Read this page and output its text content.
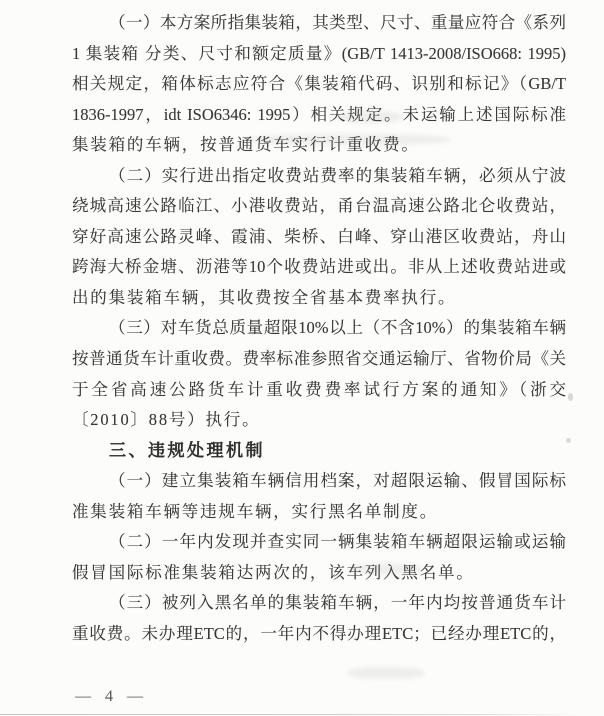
（一）本方案所指集装箱，其类型、尺寸、重量应符合《系列
1 集装箱 分类、尺寸和额定质量》(GB/T 1413-2008/ISO668: 1995)
相关规定，箱体标志应符合《集装箱代码、识别和标记》（GB/T
1836-1997，idt ISO6346: 1995）相关规定。未运输上述国际标准
集装箱的车辆，按普通货车实行计重收费。
（二）实行进出指定收费站费率的集装箱车辆，必须从宁波
绕城高速公路临江、小港收费站，甬台温高速公路北仑收费站，
穿好高速公路灵峰、霞浦、柴桥、白峰、穿山港区收费站，舟山
跨海大桥金塘、沥港等10个收费站进或出。非从上述收费站进或
出的集装箱车辆，其收费按全省基本费率执行。
（三）对车货总质量超限10%以上（不含10%）的集装箱车辆
按普通货车计重收费。费率标准参照省交通运输厅、省物价局《关
于全省高速公路货车计重收费费率试行方案的通知》（浙交
〔2010〕88号）执行。
三、违规处理机制
（一）建立集装箱车辆信用档案，对超限运输、假冒国际标
准集装箱车辆等违规车辆，实行黑名单制度。
（二）一年内发现并查实同一辆集装箱车辆超限运输或运输
假冒国际标准集装箱达两次的，该车列入黑名单。
（三）被列入黑名单的集装箱车辆，一年内均按普通货车计
重收费。未办理ETC的，一年内不得办理ETC；已经办理ETC的，
— 4 —
